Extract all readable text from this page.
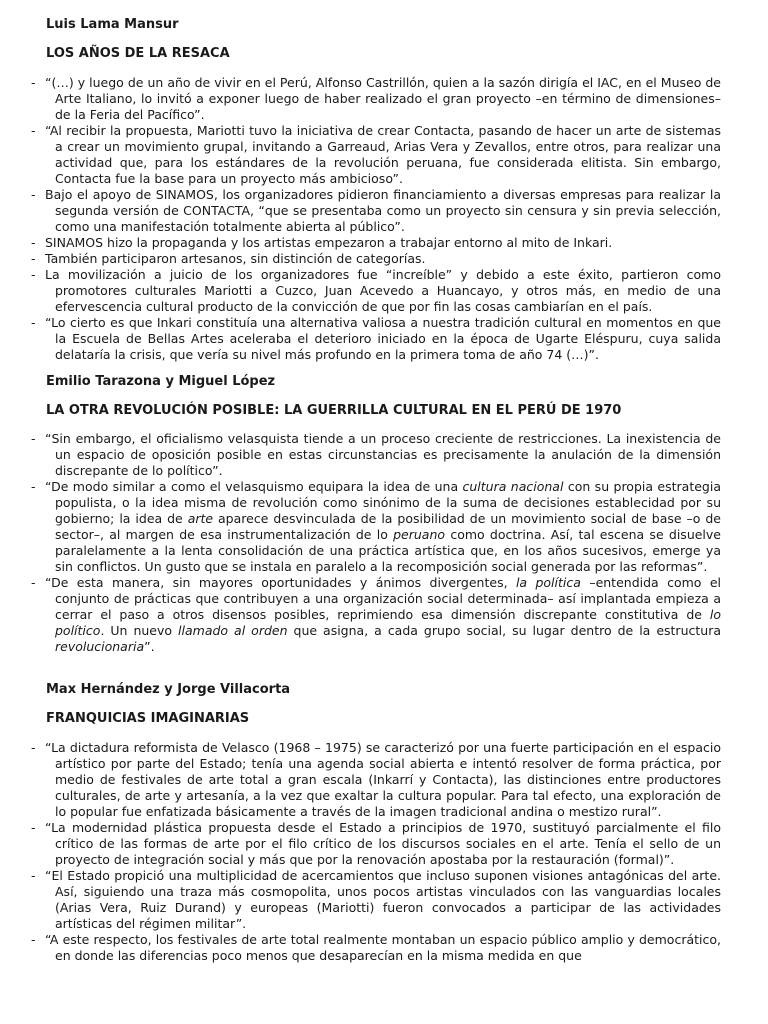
Luis Lama Mansur
LOS AÑOS DE LA RESACA
- “(…) y luego de un año de vivir en el Perú, Alfonso Castrillón, quien a la sazón dirigía el IAC, en el Museo de Arte Italiano, lo invitó a exponer luego de haber realizado el gran proyecto –en término de dimensiones– de la Feria del Pacífico”.
- “Al recibir la propuesta, Mariotti tuvo la iniciativa de crear Contacta, pasando de hacer un arte de sistemas a crear un movimiento grupal, invitando a Garreaud, Arias Vera y Zevallos, entre otros, para realizar una actividad que, para los estándares de la revolución peruana, fue considerada elitista. Sin embargo, Contacta fue la base para un proyecto más ambicioso”.
- Bajo el apoyo de SINAMOS, los organizadores pidieron financiamiento a diversas empresas para realizar la segunda versión de CONTACTA, “que se presentaba como un proyecto sin censura y sin previa selección, como una manifestación totalmente abierta al público”.
- SINAMOS hizo la propaganda y los artistas empezaron a trabajar entorno al mito de Inkari.
- También participaron artesanos, sin distinción de categorías.
- La movilización a juicio de los organizadores fue “increíble” y debido a este éxito, partieron como promotores culturales Mariotti a Cuzco, Juan Acevedo a Huancayo, y otros más, en medio de una efervescencia cultural producto de la convicción de que por fin las cosas cambiarían en el país.
- “Lo cierto es que Inkari constituía una alternativa valiosa a nuestra tradición cultural en momentos en que la Escuela de Bellas Artes aceleraba el deterioro iniciado en la época de Ugarte Eléspuru, cuya salida delataría la crisis, que vería su nivel más profundo en la primera toma de año 74 (…)”.
Emilio Tarazona y Miguel López
LA OTRA REVOLUCIÓN POSIBLE: LA GUERRILLA CULTURAL EN EL PERÚ DE 1970
- “Sin embargo, el oficialismo velasquista tiende a un proceso creciente de restricciones. La inexistencia de un espacio de oposición posible en estas circunstancias es precisamente la anulación de la dimensión discrepante de lo político”.
- “De modo similar a como el velasquismo equipara la idea de una cultura nacional con su propia estrategia populista, o la idea misma de revolución como sinónimo de la suma de decisiones establecidad por su gobierno; la idea de arte aparece desvinculada de la posibilidad de un movimiento social de base –o de sector–, al margen de esa instrumentalización de lo peruano como doctrina. Así, tal escena se disuelve paralelamente a la lenta consolidación de una práctica artística que, en los años sucesivos, emerge ya sin conflictos. Un gusto que se instala en paralelo a la recomposición social generada por las reformas”.
- “De esta manera, sin mayores oportunidades y ánimos divergentes, la política –entendida como el conjunto de prácticas que contribuyen a una organización social determinada– así implantada empieza a cerrar el paso a otros disensos posibles, reprimiendo esa dimensión discrepante constitutiva de lo político. Un nuevo llamado al orden que asigna, a cada grupo social, su lugar dentro de la estructura revolucionaria”.
Max Hernández y Jorge Villacorta
FRANQUICIAS IMAGINARIAS
- “La dictadura reformista de Velasco (1968 – 1975) se caracterizó por una fuerte participación en el espacio artístico por parte del Estado; tenía una agenda social abierta e intentó resolver de forma práctica, por medio de festivales de arte total a gran escala (Inkarrí y Contacta), las distinciones entre productores culturales, de arte y artesanía, a la vez que exaltar la cultura popular. Para tal efecto, una exploración de lo popular fue enfatizada básicamente a través de la imagen tradicional andina o mestizo rural”.
- “La modernidad plástica propuesta desde el Estado a principios de 1970, sustituyó parcialmente el filo crítico de las formas de arte por el filo crítico de los discursos sociales en el arte. Tenía el sello de un proyecto de integración social y más que por la renovación apostaba por la restauración (formal)”.
- “El Estado propició una multiplicidad de acercamientos que incluso suponen visiones antagónicas del arte. Así, siguiendo una traza más cosmopolita, unos pocos artistas vinculados con las vanguardias locales (Arias Vera, Ruiz Durand) y europeas (Mariotti) fueron convocados a participar de las actividades artísticas del régimen militar”.
- “A este respecto, los festivales de arte total realmente montaban un espacio público amplio y democrático, en donde las diferencias poco menos que desaparecían en la misma medida en que
